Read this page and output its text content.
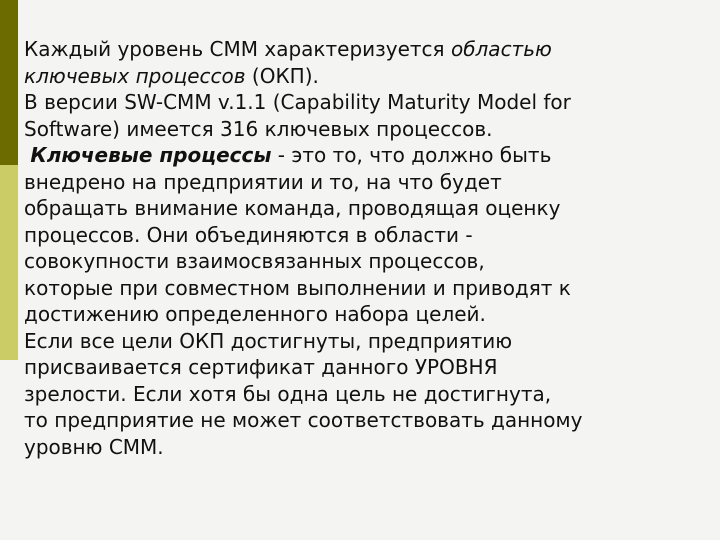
Каждый уровень CMM характеризуется областью
ключевых процессов (ОКП).

В версии SW-CMM v.1.1 (Capability Maturity Model for
Software) имеется 316 ключевых процессов.

Ключевые процессы - это то, что должно быть
внедрено на предприятии и то, на что будет
обращать внимание команда, проводящая оценку
процессов. Они объединяются в области -
совокупности взаимосвязанных процессов,
которые при совместном выполнении и приводят к
достижению определенного набора целей.

Если все цели ОКП достигнуты, предприятию
присваивается сертификат данного УРОВНЯ
зрелости. Если хотя бы одна цель не достигнута,
то предприятие не может соответствовать данному
уровню CMM.
